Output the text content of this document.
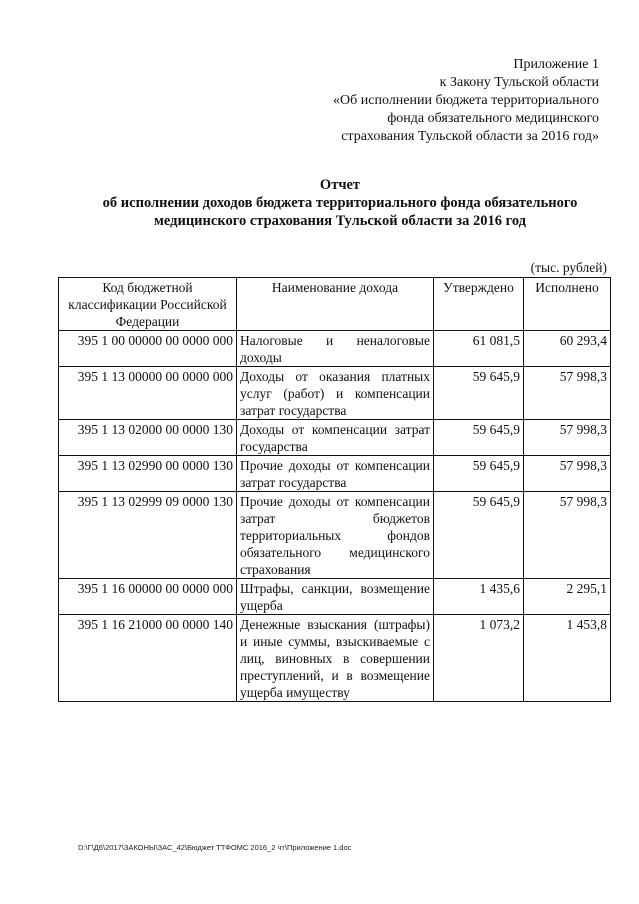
Приложение 1
к Закону Тульской области
«Об исполнении бюджета территориального
фонда обязательного медицинского
страхования Тульской области за 2016 год»
Отчет
об исполнении доходов бюджета территориального фонда обязательного
медицинского страхования Тульской области за 2016 год
(тыс. рублей)
Код бюджетной классификации Российской Федерации	Наименование дохода	Утверждено	Исполнено
395 1 00 00000 00 0000 000	Налоговые и неналоговые доходы	61 081,5	60 293,4
395 1 13 00000 00 0000 000	Доходы от оказания платных услуг (работ) и компенсации затрат государства	59 645,9	57 998,3
395 1 13 02000 00 0000 130	Доходы от компенсации затрат государства	59 645,9	57 998,3
395 1 13 02990 00 0000 130	Прочие доходы от компенсации затрат государства	59 645,9	57 998,3
395 1 13 02999 09 0000 130	Прочие доходы от компенсации затрат бюджетов территориальных фондов обязательного медицинского страхования	59 645,9	57 998,3
395 1 16 00000 00 0000 000	Штрафы, санкции, возмещение ущерба	1 435,6	2 295,1
395 1 16 21000 00 0000 140	Денежные взыскания (штрафы) и иные суммы, взыскиваемые с лиц, виновных в совершении преступлений, и в возмещение ущерба имуществу	1 073,2	1 453,8
D:\Г\Д6\2017\ЗАКОНЫ\ЗАС_42\Бюджет ТТФОМС 2016_2 чт\Приложение 1.doc
